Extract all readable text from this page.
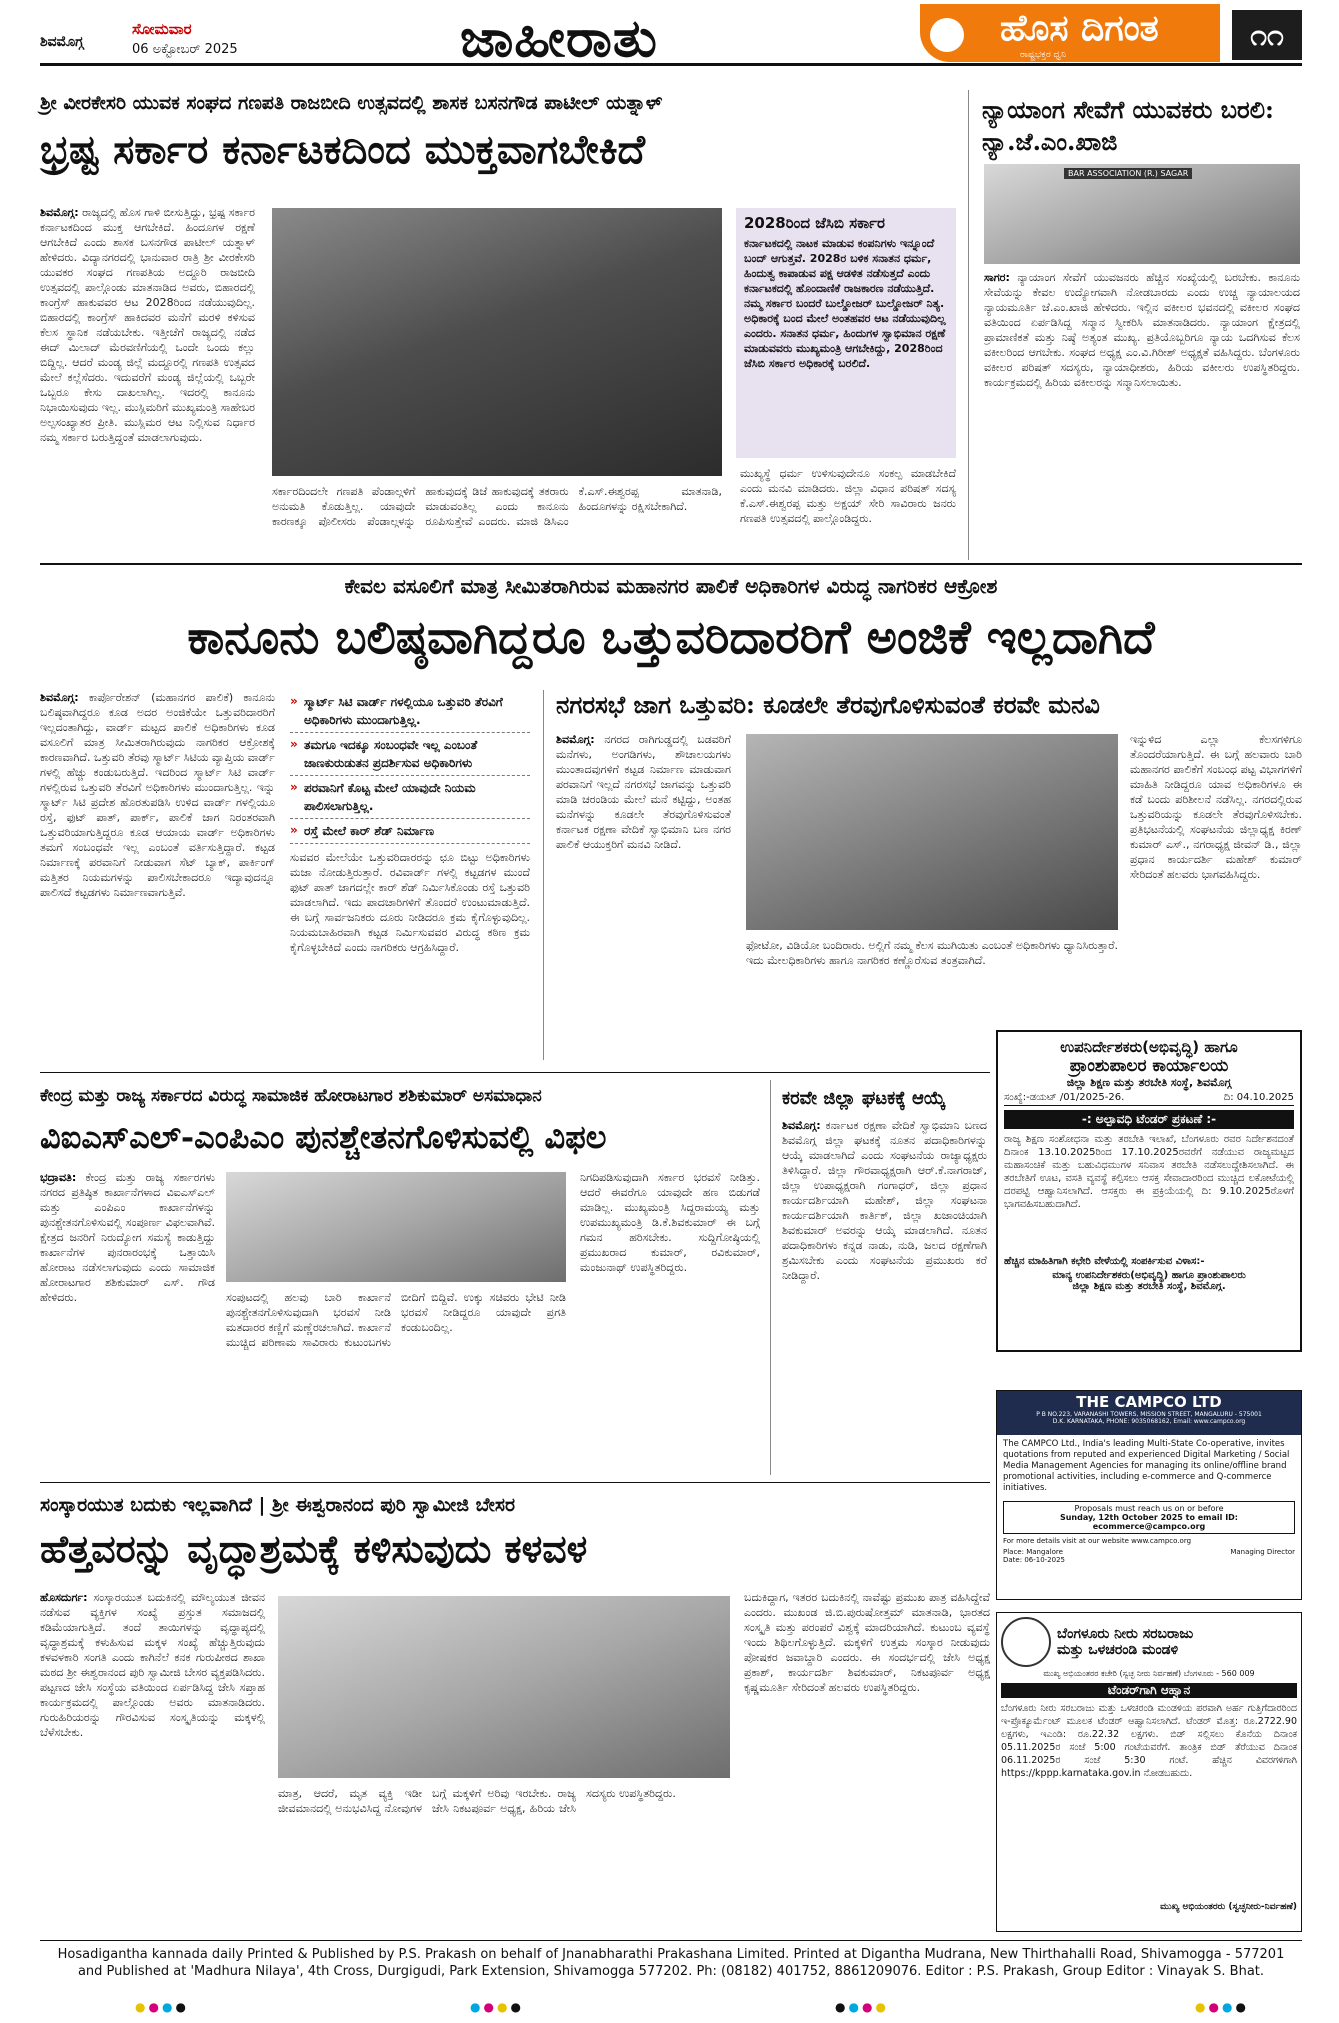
ಶಿವಮೊಗ್ಗ
ಸೋಮವಾರ
06 ಅಕ್ಟೋಬರ್ 2025	ಜಾಹೀರಾತು	ಹೊಸ ದಿಗಂತ
ರಾಷ್ಟ್ರಭಕ್ತರ ಧ್ವನಿ
೧೧
ಶ್ರೀ ವೀರಕೇಸರಿ ಯುವಕ ಸಂಘದ ಗಣಪತಿ ರಾಜಬೀದಿ ಉತ್ಸವದಲ್ಲಿ ಶಾಸಕ ಬಸನಗೌಡ ಪಾಟೀಲ್ ಯತ್ನಾಳ್
ಭ್ರಷ್ಟ ಸರ್ಕಾರ ಕರ್ನಾಟಕದಿಂದ ಮುಕ್ತವಾಗಬೇಕಿದೆ
ಶಿವಮೊಗ್ಗ: ರಾಜ್ಯದಲ್ಲಿ ಹೊಸ ಗಾಳಿ ಬೀಸುತ್ತಿದ್ದು, ಭ್ರಷ್ಟ ಸರ್ಕಾರ ಕರ್ನಾಟಕದಿಂದ ಮುಕ್ತ ಆಗಬೇಕಿದೆ. ಹಿಂದೂಗಳ ರಕ್ಷಣೆ ಆಗಬೇಕಿದೆ ಎಂದು ಶಾಸಕ ಬಸನಗೌಡ ಪಾಟೀಲ್ ಯತ್ನಾಳ್ ಹೇಳಿದರು. ವಿದ್ಯಾನಗರದಲ್ಲಿ ಭಾನುವಾರ ರಾತ್ರಿ ಶ್ರೀ ವೀರಕೇಸರಿ ಯುವಕರ ಸಂಘದ ಗಣಪತಿಯ ಅದ್ದೂರಿ ರಾಜಬೀದಿ ಉತ್ಸವದಲ್ಲಿ ಪಾಲ್ಗೊಂಡು ಮಾತನಾಡಿದ ಅವರು, ಬಿಹಾರದಲ್ಲಿ ಕಾಂಗ್ರೆಸ್ ಹಾಕುವವರ ಆಟ 2028ರಿಂದ ನಡೆಯುವುದಿಲ್ಲ. ಬಿಹಾರದಲ್ಲಿ ಕಾಂಗ್ರೆಸ್ ಹಾಕಿದವರ ಮನೆಗೆ ಮರಳಿ ಕಳಿಸುವ ಕೆಲಸ ಸ್ಥಾನಿಕ ನಡೆಯಬೇಕು. ಇತ್ತೀಚೆಗೆ ರಾಜ್ಯದಲ್ಲಿ ನಡೆದ ಈದ್ ಮಿಲಾದ್ ಮೆರವಣಿಗೆಯಲ್ಲಿ ಒಂದೇ ಒಂದು ಕಲ್ಲು ಬಿದ್ದಿಲ್ಲ. ಆದರೆ ಮಂಡ್ಯ ಜಿಲ್ಲೆ ಮದ್ದೂರಲ್ಲಿ ಗಣಪತಿ ಉತ್ಸವದ ಮೇಲೆ ಕಲ್ಲೆಸೆದರು. ಇದುವರೆಗೆ ಮಂಡ್ಯ ಜಿಲ್ಲೆಯಲ್ಲಿ ಒಬ್ಬರೇ ಒಬ್ಬರೂ ಕೇಸು ದಾಖಲಾಗಿಲ್ಲ. ಇದರಲ್ಲಿ ಕಾನೂನು ನಿಭಾಯಿಸುವುದು ಇಲ್ಲ. ಮುಸ್ಲಿಮರಿಗೆ ಮುಖ್ಯಮಂತ್ರಿ ಸಾಹೇಬರ ಅಲ್ಪಸಂಖ್ಯಾತರ ಪ್ರೀತಿ. ಮುಸ್ಲಿಮರ ಆಟ ನಿಲ್ಲಿಸುವ ನಿರ್ಧಾರ ನಮ್ಮ ಸರ್ಕಾರ ಬರುತ್ತಿದ್ದಂತೆ ಮಾಡಲಾಗುವುದು.
ಸರ್ಕಾರದಿಂದಲೇ ಗಣಪತಿ ಪೆಂಡಾಲ್ಗಳಿಗೆ ಅನುಮತಿ ಕೊಡುತ್ತಿಲ್ಲ. ಯಾವುದೇ ಕಾರಣಕ್ಕೂ ಪೊಲೀಸರು ಪೆಂಡಾಲ್ಗಳನ್ನು ಹಾಕುವುದಕ್ಕೆ ಡಿಜೆ ಹಾಕುವುದಕ್ಕೆ ತಕರಾರು ಮಾಡುವಂತಿಲ್ಲ ಎಂದು ಕಾನೂನು ರೂಪಿಸುತ್ತೇವೆ ಎಂದರು. ಮಾಜಿ ಡಿಸಿಎಂ ಕೆ.ಎಸ್.ಈಶ್ವರಪ್ಪ ಮಾತನಾಡಿ, ಹಿಂದೂಗಳನ್ನು ರಕ್ಷಿಸಬೇಕಾಗಿದೆ.
2028ರಿಂದ ಜೆಸಿಬಿ ಸರ್ಕಾರ
ಕರ್ನಾಟಕದಲ್ಲಿ ನಾಟಕ ಮಾಡುವ ಕಂಪನಿಗಳು ಇನ್ನೂಂದೆ ಬಂದ್ ಆಗುತ್ತವೆ. 2028ರ ಬಳಿಕ ಸನಾತನ ಧರ್ಮ, ಹಿಂದುತ್ವ ಕಾಪಾಡುವ ಪಕ್ಷ ಆಡಳಿತ ನಡೆಸುತ್ತದೆ ಎಂದು ಕರ್ನಾಟಕದಲ್ಲಿ ಹೊಂದಾಣಿಕೆ ರಾಜಕಾರಣ ನಡೆಯುತ್ತಿದೆ. ನಮ್ಮ ಸರ್ಕಾರ ಬಂದರೆ ಬುಲ್ಡೋಜರ್ ಬುಲ್ಡೋಜರ್ ನಿತ್ಯ. ಅಧಿಕಾರಕ್ಕೆ ಬಂದ ಮೇಲೆ ಅಂತಹವರ ಆಟ ನಡೆಯುವುದಿಲ್ಲ ಎಂದರು. ಸನಾತನ ಧರ್ಮ, ಹಿಂದುಗಳ ಸ್ವಾಭಿಮಾನ ರಕ್ಷಣೆ ಮಾಡುವವರು ಮುಖ್ಯಮಂತ್ರಿ ಆಗಬೇಕಿದ್ದು, 2028ರಿಂದ ಜೆಸಿಬಿ ಸರ್ಕಾರ ಅಧಿಕಾರಕ್ಕೆ ಬರಲಿದೆ.
ಮುಖ್ಯಸ್ಥೆ ಧರ್ಮ ಉಳಿಸುವುದೇನೂ ಸಂಕಲ್ಪ ಮಾಡಬೇಕಿದೆ ಎಂದು ಮನವಿ ಮಾಡಿದರು. ಜಿಲ್ಲಾ ವಿಧಾನ ಪರಿಷತ್ ಸದಸ್ಯ ಕೆ.ಎಸ್.ಈಶ್ವರಪ್ಪ ಮತ್ತು ಅಕ್ಷಯ್ ಸೇರಿ ಸಾವಿರಾರು ಜನರು ಗಣಪತಿ ಉತ್ಸವದಲ್ಲಿ ಪಾಲ್ಗೊಂಡಿದ್ದರು.
ನ್ಯಾಯಾಂಗ ಸೇವೆಗೆ ಯುವಕರು ಬರಲಿ: ನ್ಯಾ.ಜೆ.ಎಂ.ಖಾಜಿ
BAR ASSOCIATION (R.) SAGAR
ಸಾಗರ: ನ್ಯಾಯಾಂಗ ಸೇವೆಗೆ ಯುವಜನರು ಹೆಚ್ಚಿನ ಸಂಖ್ಯೆಯಲ್ಲಿ ಬರಬೇಕು. ಕಾನೂನು ಸೇವೆಯನ್ನು ಕೇವಲ ಉದ್ಯೋಗವಾಗಿ ನೋಡಬಾರದು ಎಂದು ಉಚ್ಚ ನ್ಯಾಯಾಲಯದ ನ್ಯಾಯಮೂರ್ತಿ ಜೆ.ಎಂ.ಖಾಜಿ ಹೇಳಿದರು. ಇಲ್ಲಿನ ವಕೀಲರ ಭವನದಲ್ಲಿ ವಕೀಲರ ಸಂಘದ ವತಿಯಿಂದ ಏರ್ಪಡಿಸಿದ್ದ ಸನ್ಮಾನ ಸ್ವೀಕರಿಸಿ ಮಾತನಾಡಿದರು. ನ್ಯಾಯಾಂಗ ಕ್ಷೇತ್ರದಲ್ಲಿ ಪ್ರಾಮಾಣಿಕತೆ ಮತ್ತು ನಿಷ್ಠೆ ಅತ್ಯಂತ ಮುಖ್ಯ. ಪ್ರತಿಯೊಬ್ಬರಿಗೂ ನ್ಯಾಯ ಒದಗಿಸುವ ಕೆಲಸ ವಕೀಲರಿಂದ ಆಗಬೇಕು. ಸಂಘದ ಅಧ್ಯಕ್ಷ ಎಂ.ವಿ.ಗಿರೀಶ್ ಅಧ್ಯಕ್ಷತೆ ವಹಿಸಿದ್ದರು. ಬೆಂಗಳೂರು ವಕೀಲರ ಪರಿಷತ್ ಸದಸ್ಯರು, ನ್ಯಾಯಾಧೀಶರು, ಹಿರಿಯ ವಕೀಲರು ಉಪಸ್ಥಿತರಿದ್ದರು. ಕಾರ್ಯಕ್ರಮದಲ್ಲಿ ಹಿರಿಯ ವಕೀಲರನ್ನು ಸನ್ಮಾನಿಸಲಾಯಿತು.
ಕೇವಲ ವಸೂಲಿಗೆ ಮಾತ್ರ ಸೀಮಿತರಾಗಿರುವ ಮಹಾನಗರ ಪಾಲಿಕೆ ಅಧಿಕಾರಿಗಳ ವಿರುದ್ಧ ನಾಗರಿಕರ ಆಕ್ರೋಶ
ಕಾನೂನು ಬಲಿಷ್ಠವಾಗಿದ್ದರೂ ಒತ್ತುವರಿದಾರರಿಗೆ ಅಂಜಿಕೆ ಇಲ್ಲದಾಗಿದೆ
ಶಿವಮೊಗ್ಗ: ಕಾರ್ಪೊರೇಶನ್ (ಮಹಾನಗರ ಪಾಲಿಕೆ) ಕಾನೂನು ಬಲಿಷ್ಠವಾಗಿದ್ದರೂ ಕೂಡ ಅದರ ಅಂಜಿಕೆಯೇ ಒತ್ತುವರಿದಾರರಿಗೆ ಇಲ್ಲದಂತಾಗಿದ್ದು, ವಾರ್ಡ್ ಮಟ್ಟದ ಪಾಲಿಕೆ ಅಧಿಕಾರಿಗಳು ಕೂಡ ವಸೂಲಿಗೆ ಮಾತ್ರ ಸೀಮಿತರಾಗಿರುವುದು ನಾಗರಿಕರ ಆಕ್ರೋಶಕ್ಕೆ ಕಾರಣವಾಗಿದೆ. ಒತ್ತುವರಿ ತೆರವು ಸ್ಮಾರ್ಟ್ ಸಿಟಿಯ ವ್ಯಾಪ್ತಿಯ ವಾರ್ಡ್ ಗಳಲ್ಲಿ ಹೆಚ್ಚು ಕಂಡುಬರುತ್ತಿದೆ. ಇದರಿಂದ ಸ್ಮಾರ್ಟ್ ಸಿಟಿ ವಾರ್ಡ್ ಗಳಲ್ಲಿರುವ ಒತ್ತುವರಿ ತೆರವಿಗೆ ಅಧಿಕಾರಿಗಳು ಮುಂದಾಗುತ್ತಿಲ್ಲ. ಇನ್ನು ಸ್ಮಾರ್ಟ್ ಸಿಟಿ ಪ್ರದೇಶ ಹೊರತುಪಡಿಸಿ ಉಳಿದ ವಾರ್ಡ್ ಗಳಲ್ಲಿಯೂ ರಸ್ತೆ, ಫುಟ್ ಪಾತ್, ಪಾರ್ಕ್, ಪಾಲಿಕೆ ಜಾಗ ನಿರಂತರವಾಗಿ ಒತ್ತುವರಿಯಾಗುತ್ತಿದ್ದರೂ ಕೂಡ ಆಯಾಯ ವಾರ್ಡ್ ಅಧಿಕಾರಿಗಳು ತಮಗೆ ಸಂಬಂಧವೇ ಇಲ್ಲ ಎಂಬಂತೆ ವರ್ತಿಸುತ್ತಿದ್ದಾರೆ. ಕಟ್ಟಡ ನಿರ್ಮಾಣಕ್ಕೆ ಪರವಾನಿಗೆ ನೀಡುವಾಗ ಸೆಟ್ ಬ್ಯಾಕ್, ಪಾರ್ಕಿಂಗ್ ಮತ್ತಿತರ ನಿಯಮಗಳನ್ನು ಪಾಲಿಸಬೇಕಾದರೂ ಇದ್ಯಾವುದನ್ನೂ ಪಾಲಿಸದೆ ಕಟ್ಟಡಗಳು ನಿರ್ಮಾಣವಾಗುತ್ತಿವೆ.
» ಸ್ಮಾರ್ಟ್ ಸಿಟಿ ವಾರ್ಡ್ ಗಳಲ್ಲಿಯೂ ಒತ್ತುವರಿ ತೆರವಿಗೆ ಅಧಿಕಾರಿಗಳು ಮುಂದಾಗುತ್ತಿಲ್ಲ.
» ತಮಗೂ ಇದಕ್ಕೂ ಸಂಬಂಧವೇ ಇಲ್ಲ ಎಂಬಂತೆ ಜಾಣಕುರುಡುತನ ಪ್ರದರ್ಶಿಸುವ ಅಧಿಕಾರಿಗಳು
» ಪರವಾನಿಗೆ ಕೊಟ್ಟ ಮೇಲೆ ಯಾವುದೇ ನಿಯಮ ಪಾಲಿಸಲಾಗುತ್ತಿಲ್ಲ.
» ರಸ್ತೆ ಮೇಲೆ ಕಾರ್ ಶೆಡ್ ನಿರ್ಮಾಣ
ಸುವವರ ಮೇಲೆಯೇ ಒತ್ತುವರಿದಾರರನ್ನು ಛೂ ಬಿಟ್ಟು ಅಧಿಕಾರಿಗಳು ಮಜಾ ನೋಡುತ್ತಿರುತ್ತಾರೆ. ರವಿವಾರ್ಡ್ ಗಳಲ್ಲಿ ಕಟ್ಟಡಗಳ ಮುಂದೆ ಫುಟ್ ಪಾತ್ ಜಾಗದಲ್ಲೇ ಕಾರ್ ಶೆಡ್ ನಿರ್ಮಿಸಿಕೊಂಡು ರಸ್ತೆ ಒತ್ತುವರಿ ಮಾಡಲಾಗಿದೆ. ಇದು ಪಾದಚಾರಿಗಳಿಗೆ ತೊಂದರೆ ಉಂಟುಮಾಡುತ್ತಿದೆ. ಈ ಬಗ್ಗೆ ಸಾರ್ವಜನಿಕರು ದೂರು ನೀಡಿದರೂ ಕ್ರಮ ಕೈಗೊಳ್ಳುವುದಿಲ್ಲ. ನಿಯಮಬಾಹಿರವಾಗಿ ಕಟ್ಟಡ ನಿರ್ಮಿಸುವವರ ವಿರುದ್ಧ ಕಠಿಣ ಕ್ರಮ ಕೈಗೊಳ್ಳಬೇಕಿದೆ ಎಂದು ನಾಗರಿಕರು ಆಗ್ರಹಿಸಿದ್ದಾರೆ.
ನಗರಸಭೆ ಜಾಗ ಒತ್ತುವರಿ: ಕೂಡಲೇ ತೆರವುಗೊಳಿಸುವಂತೆ ಕರವೇ ಮನವಿ
ಶಿವಮೊಗ್ಗ: ನಗರದ ರಾಗಿಗುಡ್ಡದಲ್ಲಿ ಬಡವರಿಗೆ ಮನೆಗಳು, ಅಂಗಡಿಗಳು, ಶೌಚಾಲಯಗಳು ಮುಂತಾದವುಗಳಿಗೆ ಕಟ್ಟಡ ನಿರ್ಮಾಣ ಮಾಡುವಾಗ ಪರವಾನಿಗೆ ಇಲ್ಲದೆ ನಗರಸಭೆ ಜಾಗವನ್ನು ಒತ್ತುವರಿ ಮಾಡಿ ಚರಂಡಿಯ ಮೇಲೆ ಮನೆ ಕಟ್ಟಿದ್ದು, ಅಂತಹ ಮನೆಗಳನ್ನು ಕೂಡಲೇ ತೆರವುಗೊಳಿಸುವಂತೆ ಕರ್ನಾಟಕ ರಕ್ಷಣಾ ವೇದಿಕೆ ಸ್ವಾಭಿಮಾನಿ ಬಣ ನಗರ ಪಾಲಿಕೆ ಆಯುಕ್ತರಿಗೆ ಮನವಿ ನೀಡಿದೆ.
ಫೋಟೋ, ವಿಡಿಯೋ ಬಂದಿರಾರು. ಅಲ್ಲಿಗೆ ನಮ್ಮ ಕೆಲಸ ಮುಗಿಯಿತು ಎಂಬಂತೆ ಅಧಿಕಾರಿಗಳು ಧ್ಯಾನಿಸಿರುತ್ತಾರೆ. ಇದು ಮೇಲಧಿಕಾರಿಗಳು ಹಾಗೂ ನಾಗರಿಕರ ಕಣ್ಣೊರೆಸುವ ತಂತ್ರವಾಗಿದೆ.
ಇನ್ನುಳಿದ ಎಲ್ಲಾ ಕೆಲಸಗಳಿಗೂ ತೊಂದರೆಯಾಗುತ್ತಿದೆ. ಈ ಬಗ್ಗೆ ಹಲವಾರು ಬಾರಿ ಮಹಾನಗರ ಪಾಲಿಕೆಗೆ ಸಂಬಂಧ ಪಟ್ಟ ವಿಭಾಗಗಳಿಗೆ ಮಾಹಿತಿ ನೀಡಿದ್ದರೂ ಯಾವ ಅಧಿಕಾರಿಗಳೂ ಈ ಕಡೆ ಬಂದು ಪರಿಶೀಲನೆ ನಡೆಸಿಲ್ಲ. ನಗರದಲ್ಲಿರುವ ಒತ್ತುವರಿಯನ್ನು ಕೂಡಲೇ ತೆರವುಗೊಳಿಸಬೇಕು. ಪ್ರತಿಭಟನೆಯಲ್ಲಿ ಸಂಘಟನೆಯ ಜಿಲ್ಲಾಧ್ಯಕ್ಷ ಕಿರಣ್ ಕುಮಾರ್ ಎಸ್., ನಗರಾಧ್ಯಕ್ಷ ಜೀವನ್ ಡಿ., ಜಿಲ್ಲಾ ಪ್ರಧಾನ ಕಾರ್ಯದರ್ಶಿ ಮಹೇಶ್ ಕುಮಾರ್ ಸೇರಿದಂತೆ ಹಲವರು ಭಾಗವಹಿಸಿದ್ದರು.
ಕೇಂದ್ರ ಮತ್ತು ರಾಜ್ಯ ಸರ್ಕಾರದ ವಿರುದ್ಧ ಸಾಮಾಜಿಕ ಹೋರಾಟಗಾರ ಶಶಿಕುಮಾರ್ ಅಸಮಾಧಾನ
ವಿಐಎಸ್ಎಲ್-ಎಂಪಿಎಂ ಪುನಶ್ಚೇತನಗೊಳಿಸುವಲ್ಲಿ ವಿಫಲ
ಭದ್ರಾವತಿ: ಕೇಂದ್ರ ಮತ್ತು ರಾಜ್ಯ ಸರ್ಕಾರಗಳು ನಗರದ ಪ್ರತಿಷ್ಠಿತ ಕಾರ್ಖಾನೆಗಳಾದ ವಿಐಎಸ್ಎಲ್ ಮತ್ತು ಎಂಪಿಎಂ ಕಾರ್ಖಾನೆಗಳನ್ನು ಪುನಶ್ಚೇತನಗೊಳಿಸುವಲ್ಲಿ ಸಂಪೂರ್ಣ ವಿಫಲವಾಗಿವೆ. ಕ್ಷೇತ್ರದ ಜನರಿಗೆ ನಿರುದ್ಯೋಗ ಸಮಸ್ಯೆ ಕಾಡುತ್ತಿದ್ದು ಕಾರ್ಖಾನೆಗಳ ಪುನರಾರಂಭಕ್ಕೆ ಒತ್ತಾಯಿಸಿ ಹೋರಾಟ ನಡೆಸಲಾಗುವುದು ಎಂದು ಸಾಮಾಜಿಕ ಹೋರಾಟಗಾರ ಶಶಿಕುಮಾರ್ ಎಸ್. ಗೌಡ ಹೇಳಿದರು.	ಸಂಪುಟದಲ್ಲಿ ಹಲವು ಬಾರಿ ಕಾರ್ಖಾನೆ ಪುನಶ್ಚೇತನಗೊಳಿಸುವುದಾಗಿ ಭರವಸೆ ನೀಡಿ ಮತದಾರರ ಕಣ್ಣಿಗೆ ಮಣ್ಣೆರಚಲಾಗಿದೆ. ಕಾರ್ಖಾನೆ ಮುಚ್ಚಿದ ಪರಿಣಾಮ ಸಾವಿರಾರು ಕುಟುಂಬಗಳು ಬೀದಿಗೆ ಬಿದ್ದಿವೆ. ಉಕ್ಕು ಸಚಿವರು ಭೇಟಿ ನೀಡಿ ಭರವಸೆ ನೀಡಿದ್ದರೂ ಯಾವುದೇ ಪ್ರಗತಿ ಕಂಡುಬಂದಿಲ್ಲ.
ನಿಗದಿಪಡಿಸುವುದಾಗಿ ಸರ್ಕಾರ ಭರವಸೆ ನೀಡಿತ್ತು. ಆದರೆ ಈವರೆಗೂ ಯಾವುದೇ ಹಣ ಬಿಡುಗಡೆ ಮಾಡಿಲ್ಲ. ಮುಖ್ಯಮಂತ್ರಿ ಸಿದ್ದರಾಮಯ್ಯ ಮತ್ತು ಉಪಮುಖ್ಯಮಂತ್ರಿ ಡಿ.ಕೆ.ಶಿವಕುಮಾರ್ ಈ ಬಗ್ಗೆ ಗಮನ ಹರಿಸಬೇಕು. ಸುದ್ದಿಗೋಷ್ಠಿಯಲ್ಲಿ ಪ್ರಮುಖರಾದ ಕುಮಾರ್, ರವಿಕುಮಾರ್, ಮಂಜುನಾಥ್ ಉಪಸ್ಥಿತರಿದ್ದರು.
ಕರವೇ ಜಿಲ್ಲಾ ಘಟಕಕ್ಕೆ ಆಯ್ಕೆ
ಶಿವಮೊಗ್ಗ: ಕರ್ನಾಟಕ ರಕ್ಷಣಾ ವೇದಿಕೆ ಸ್ವಾಭಿಮಾನಿ ಬಣದ ಶಿವಮೊಗ್ಗ ಜಿಲ್ಲಾ ಘಟಕಕ್ಕೆ ನೂತನ ಪದಾಧಿಕಾರಿಗಳನ್ನು ಆಯ್ಕೆ ಮಾಡಲಾಗಿದೆ ಎಂದು ಸಂಘಟನೆಯ ರಾಜ್ಯಾಧ್ಯಕ್ಷರು ತಿಳಿಸಿದ್ದಾರೆ. ಜಿಲ್ಲಾ ಗೌರವಾಧ್ಯಕ್ಷರಾಗಿ ಆರ್.ಕೆ.ನಾಗರಾಜ್, ಜಿಲ್ಲಾ ಉಪಾಧ್ಯಕ್ಷರಾಗಿ ಗಂಗಾಧರ್, ಜಿಲ್ಲಾ ಪ್ರಧಾನ ಕಾರ್ಯದರ್ಶಿಯಾಗಿ ಮಹೇಶ್, ಜಿಲ್ಲಾ ಸಂಘಟನಾ ಕಾರ್ಯದರ್ಶಿಯಾಗಿ ಕಾರ್ತಿಕ್, ಜಿಲ್ಲಾ ಖಜಾಂಚಿಯಾಗಿ ಶಿವಕುಮಾರ್ ಅವರನ್ನು ಆಯ್ಕೆ ಮಾಡಲಾಗಿದೆ. ನೂತನ ಪದಾಧಿಕಾರಿಗಳು ಕನ್ನಡ ನಾಡು, ನುಡಿ, ಜಲದ ರಕ್ಷಣೆಗಾಗಿ ಶ್ರಮಿಸಬೇಕು ಎಂದು ಸಂಘಟನೆಯ ಪ್ರಮುಖರು ಕರೆ ನೀಡಿದ್ದಾರೆ.
ಉಪನಿರ್ದೇಶಕರು(ಅಭಿವೃದ್ಧಿ) ಹಾಗೂ
ಪ್ರಾಂಶುಪಾಲರ ಕಾರ್ಯಾಲಯ
ಜಿಲ್ಲಾ ಶಿಕ್ಷಣ ಮತ್ತು ತರಬೇತಿ ಸಂಸ್ಥೆ, ಶಿವಮೊಗ್ಗ
ಸಂಖ್ಯೆ:-ಡಯಟ್ /01/2025-26.	ದಿ: 04.10.2025
-: ಅಲ್ಪಾವಧಿ ಟೆಂಡರ್ ಪ್ರಕಟಣೆ :-
ರಾಜ್ಯ ಶಿಕ್ಷಣ ಸಂಶೋಧನಾ ಮತ್ತು ತರಬೇತಿ ಇಲಾಖೆ, ಬೆಂಗಳೂರು ರವರ ನಿರ್ದೇಶನದಂತೆ ದಿನಾಂಕ 13.10.2025ರಿಂದ 17.10.2025ರವರೆಗೆ ನಡೆಯುವ ರಾಜ್ಯಮಟ್ಟದ ಮಹಾಸಂಚಿಕೆ ಮತ್ತು ಬಹುವಿಧಮುಗಳ ಸನಿವಾಸ ತರಬೇತಿ ನಡೆಸಲುದ್ದೇಶಿಸಲಾಗಿದೆ. ಈ ತರಬೇತಿಗೆ ಊಟ, ವಸತಿ ವ್ಯವಸ್ಥೆ ಕಲ್ಪಿಸಲು ಆಸಕ್ತ ಸೇವಾದಾರರಿಂದ ಮುಚ್ಚಿದ ಲಕೋಟೆಯಲ್ಲಿ ದರಪಟ್ಟಿ ಆಹ್ವಾನಿಸಲಾಗಿದೆ. ಆಸಕ್ತರು ಈ ಪ್ರಕ್ರಿಯೆಯಲ್ಲಿ ದಿ: 9.10.2025ರೊಳಗೆ ಭಾಗವಹಿಸಬಹುದಾಗಿದೆ.
ಹೆಚ್ಚಿನ ಮಾಹಿತಿಗಾಗಿ ಕಛೇರಿ ವೇಳೆಯಲ್ಲಿ ಸಂಪರ್ಕಿಸುವ ವಿಳಾಸ:-
ಮಾನ್ಯ ಉಪನಿರ್ದೇಶಕರು(ಅಭಿವೃದ್ಧಿ) ಹಾಗೂ ಪ್ರಾಂಶುಪಾಲರು
ಜಿಲ್ಲಾ ಶಿಕ್ಷಣ ಮತ್ತು ತರಬೇತಿ ಸಂಸ್ಥೆ, ಶಿವಮೊಗ್ಗ.
THE CAMPCO LTD
P B NO.223, VARANASHI TOWERS, MISSION STREET, MANGALURU - 575001
D.K. KARNATAKA, PHONE: 9035068162, Email: www.campco.org
The CAMPCO Ltd., India's leading Multi-State Co-operative, invites quotations from reputed and experienced Digital Marketing / Social Media Management Agencies for managing its online/offline brand promotional activities, including e-commerce and Q-commerce initiatives.
Proposals must reach us on or before
Sunday, 12th October 2025 to email ID: ecommerce@campco.org
For more details visit at our website www.campco.org
Place: Mangalore	Managing Director
Date: 06-10-2025
ಬೆಂಗಳೂರು ನೀರು ಸರಬರಾಜು
ಮತ್ತು ಒಳಚರಂಡಿ ಮಂಡಳಿ
ಮುಖ್ಯ ಅಭಿಯಂತರರ ಕಚೇರಿ (ಸ್ವಚ್ಛ ನೀರು ನಿರ್ವಹಣೆ) ಬೆಂಗಳೂರು - 560 009
ಟೆಂಡರ್‌ಗಾಗಿ ಆಹ್ವಾನ
ಬೆಂಗಳೂರು ನೀರು ಸರಬರಾಜು ಮತ್ತು ಒಳಚರಂಡಿ ಮಂಡಳಿಯ ಪರವಾಗಿ ಅರ್ಹ ಗುತ್ತಿಗೆದಾರರಿಂದ ಇ-ಪ್ರೊಕ್ಯೂರ್ಮೆಂಟ್ ಮೂಲಕ ಟೆಂಡರ್ ಆಹ್ವಾನಿಸಲಾಗಿದೆ. ಟೆಂಡರ್ ಮೊತ್ತ: ರೂ.2722.90 ಲಕ್ಷಗಳು, ಇಎಂಡಿ: ರೂ.22.32 ಲಕ್ಷಗಳು. ಬಿಡ್ ಸಲ್ಲಿಸಲು ಕೊನೆಯ ದಿನಾಂಕ 05.11.2025ರ ಸಂಜೆ 5:00 ಗಂಟೆಯವರೆಗೆ. ತಾಂತ್ರಿಕ ಬಿಡ್ ತೆರೆಯುವ ದಿನಾಂಕ 06.11.2025ರ ಸಂಜೆ 5:30 ಗಂಟೆ. ಹೆಚ್ಚಿನ ವಿವರಗಳಿಗಾಗಿ https://kppp.karnataka.gov.in ನೋಡಬಹುದು.
ಮುಖ್ಯ ಅಭಿಯಂತರರು (ಸ್ವಚ್ಛನೀರು-ನಿರ್ವಹಣೆ)
ಸಂಸ್ಕಾರಯುತ ಬದುಕು ಇಲ್ಲವಾಗಿದೆ | ಶ್ರೀ ಈಶ್ವರಾನಂದ ಪುರಿ ಸ್ವಾಮೀಜಿ ಬೇಸರ
ಹೆತ್ತವರನ್ನು ವೃದ್ಧಾಶ್ರಮಕ್ಕೆ ಕಳಿಸುವುದು ಕಳವಳ
ಹೊಸದುರ್ಗ: ಸಂಸ್ಕಾರಯುತ ಬದುಕಿನಲ್ಲಿ ಮೌಲ್ಯಯುತ ಜೀವನ ನಡೆಸುವ ವ್ಯಕ್ತಿಗಳ ಸಂಖ್ಯೆ ಪ್ರಸ್ತುತ ಸಮಾಜದಲ್ಲಿ ಕಡಿಮೆಯಾಗುತ್ತಿದೆ. ತಂದೆ ತಾಯಿಗಳನ್ನು ವೃದ್ಧಾಪ್ಯದಲ್ಲಿ ವೃದ್ಧಾಶ್ರಮಕ್ಕೆ ಕಳುಹಿಸುವ ಮಕ್ಕಳ ಸಂಖ್ಯೆ ಹೆಚ್ಚುತ್ತಿರುವುದು ಕಳವಳಕಾರಿ ಸಂಗತಿ ಎಂದು ಕಾಗಿನೆಲೆ ಕನಕ ಗುರುಪೀಠದ ಶಾಖಾ ಮಠದ ಶ್ರೀ ಈಶ್ವರಾನಂದ ಪುರಿ ಸ್ವಾಮೀಜಿ ಬೇಸರ ವ್ಯಕ್ತಪಡಿಸಿದರು. ಪಟ್ಟಣದ ಜೇಸಿ ಸಂಸ್ಥೆಯ ವತಿಯಿಂದ ಏರ್ಪಡಿಸಿದ್ದ ಜೇಸಿ ಸಪ್ತಾಹ ಕಾರ್ಯಕ್ರಮದಲ್ಲಿ ಪಾಲ್ಗೊಂಡು ಅವರು ಮಾತನಾಡಿದರು. ಗುರುಹಿರಿಯರನ್ನು ಗೌರವಿಸುವ ಸಂಸ್ಕೃತಿಯನ್ನು ಮಕ್ಕಳಲ್ಲಿ ಬೆಳೆಸಬೇಕು.
ಮಾತ್ರ, ಆದರೆ, ಮೃತ ವ್ಯಕ್ತಿ ಇಡೀ ಜೀವಮಾನದಲ್ಲಿ ಅನುಭವಿಸಿದ್ದ ನೋವುಗಳ ಬಗ್ಗೆ ಮಕ್ಕಳಿಗೆ ಅರಿವು ಇರಬೇಕು. ರಾಜ್ಯ ಜೇಸಿ ನಿಕಟಪೂರ್ವ ಅಧ್ಯಕ್ಷ, ಹಿರಿಯ ಜೇಸಿ ಸದಸ್ಯರು ಉಪಸ್ಥಿತರಿದ್ದರು.
ಬದುಕಿದ್ದಾಗ, ಇತರರ ಬದುಕಿನಲ್ಲಿ ನಾವೆಷ್ಟು ಪ್ರಮುಖ ಪಾತ್ರ ವಹಿಸಿದ್ದೇವೆ ಎಂದರು. ಮುಖಂಡ ಜಿ.ಬಿ.ಪುರುಷೋತ್ತಮ್ ಮಾತನಾಡಿ, ಭಾರತದ ಸಂಸ್ಕೃತಿ ಮತ್ತು ಪರಂಪರೆ ವಿಶ್ವಕ್ಕೆ ಮಾದರಿಯಾಗಿದೆ. ಕುಟುಂಬ ವ್ಯವಸ್ಥೆ ಇಂದು ಶಿಥಿಲಗೊಳ್ಳುತ್ತಿದೆ. ಮಕ್ಕಳಿಗೆ ಉತ್ತಮ ಸಂಸ್ಕಾರ ನೀಡುವುದು ಪೋಷಕರ ಜವಾಬ್ದಾರಿ ಎಂದರು. ಈ ಸಂದರ್ಭದಲ್ಲಿ ಜೇಸಿ ಅಧ್ಯಕ್ಷ ಪ್ರಕಾಶ್, ಕಾರ್ಯದರ್ಶಿ ಶಿವಕುಮಾರ್, ನಿಕಟಪೂರ್ವ ಅಧ್ಯಕ್ಷ ಕೃಷ್ಣಮೂರ್ತಿ ಸೇರಿದಂತೆ ಹಲವರು ಉಪಸ್ಥಿತರಿದ್ದರು.
Hosadigantha kannada daily Printed & Published by P.S. Prakash on behalf of Jnanabharathi Prakashana Limited. Printed at Digantha Mudrana, New Thirthahalli Road, Shivamogga - 577201
and Published at 'Madhura Nilaya', 4th Cross, Durgigudi, Park Extension, Shivamogga 577202. Ph: (08182) 401752, 8861209076. Editor : P.S. Prakash, Group Editor : Vinayak S. Bhat.
●●●●	●●●●	●●●●	●●●●
